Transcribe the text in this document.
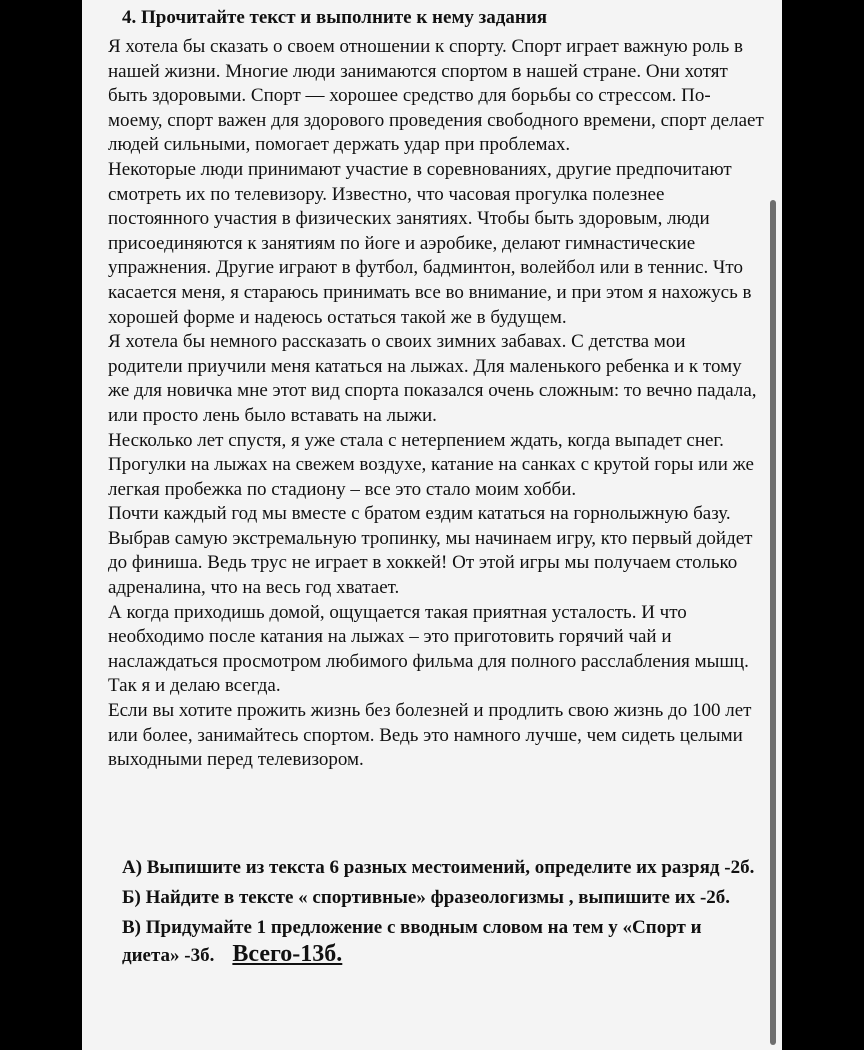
4. Прочитайте текст и выполните к нему задания

Я хотела бы сказать о своем отношении к спорту. Спорт играет важную роль в нашей жизни. Многие люди занимаются спортом в нашей стране. Они хотят быть здоровыми. Спорт — хорошее средство для борьбы со стрессом. По-моему, спорт важен для здорового проведения свободного времени, спорт делает людей сильными, помогает держать удар при проблемах.

Некоторые люди принимают участие в соревнованиях, другие предпочитают смотреть их по телевизору. Известно, что часовая прогулка полезнее постоянного участия в физических занятиях. Чтобы быть здоровым, люди присоединяются к занятиям по йоге и аэробике, делают гимнастические упражнения. Другие играют в футбол, бадминтон, волейбол или в теннис. Что касается меня, я стараюсь принимать все во внимание, и при этом я нахожусь в хорошей форме и надеюсь остаться такой же в будущем.

Я хотела бы немного рассказать о своих зимних забавах. С детства мои родители приучили меня кататься на лыжах. Для маленького ребенка и к тому же для новичка мне этот вид спорта показался очень сложным: то вечно падала, или просто лень было вставать на лыжи.

Несколько лет спустя, я уже стала с нетерпением ждать, когда выпадет снег. Прогулки на лыжах на свежем воздухе, катание на санках с крутой горы или же легкая пробежка по стадиону – все это стало моим хобби.

Почти каждый год мы вместе с братом ездим кататься на горнолыжную базу. Выбрав самую экстремальную тропинку, мы начинаем игру, кто первый дойдет до финиша. Ведь трус не играет в хоккей! От этой игры мы получаем столько адреналина, что на весь год хватает.

А когда приходишь домой, ощущается такая приятная усталость. И что необходимо после катания на лыжах – это приготовить горячий чай и наслаждаться просмотром любимого фильма для полного расслабления мышц. Так я и делаю всегда.

Если вы хотите прожить жизнь без болезней и продлить свою жизнь до 100 лет или более, занимайтесь спортом. Ведь это намного лучше, чем сидеть целыми выходными перед телевизором.

А) Выпишите из текста 6 разных местоимений, определите их разряд -2б.

Б) Найдите в тексте « спортивные» фразеологизмы , выпишите их -2б.

В) Придумайте 1 предложение с вводным словом на тем у «Спорт и диета» -3б. Всего-13б.
